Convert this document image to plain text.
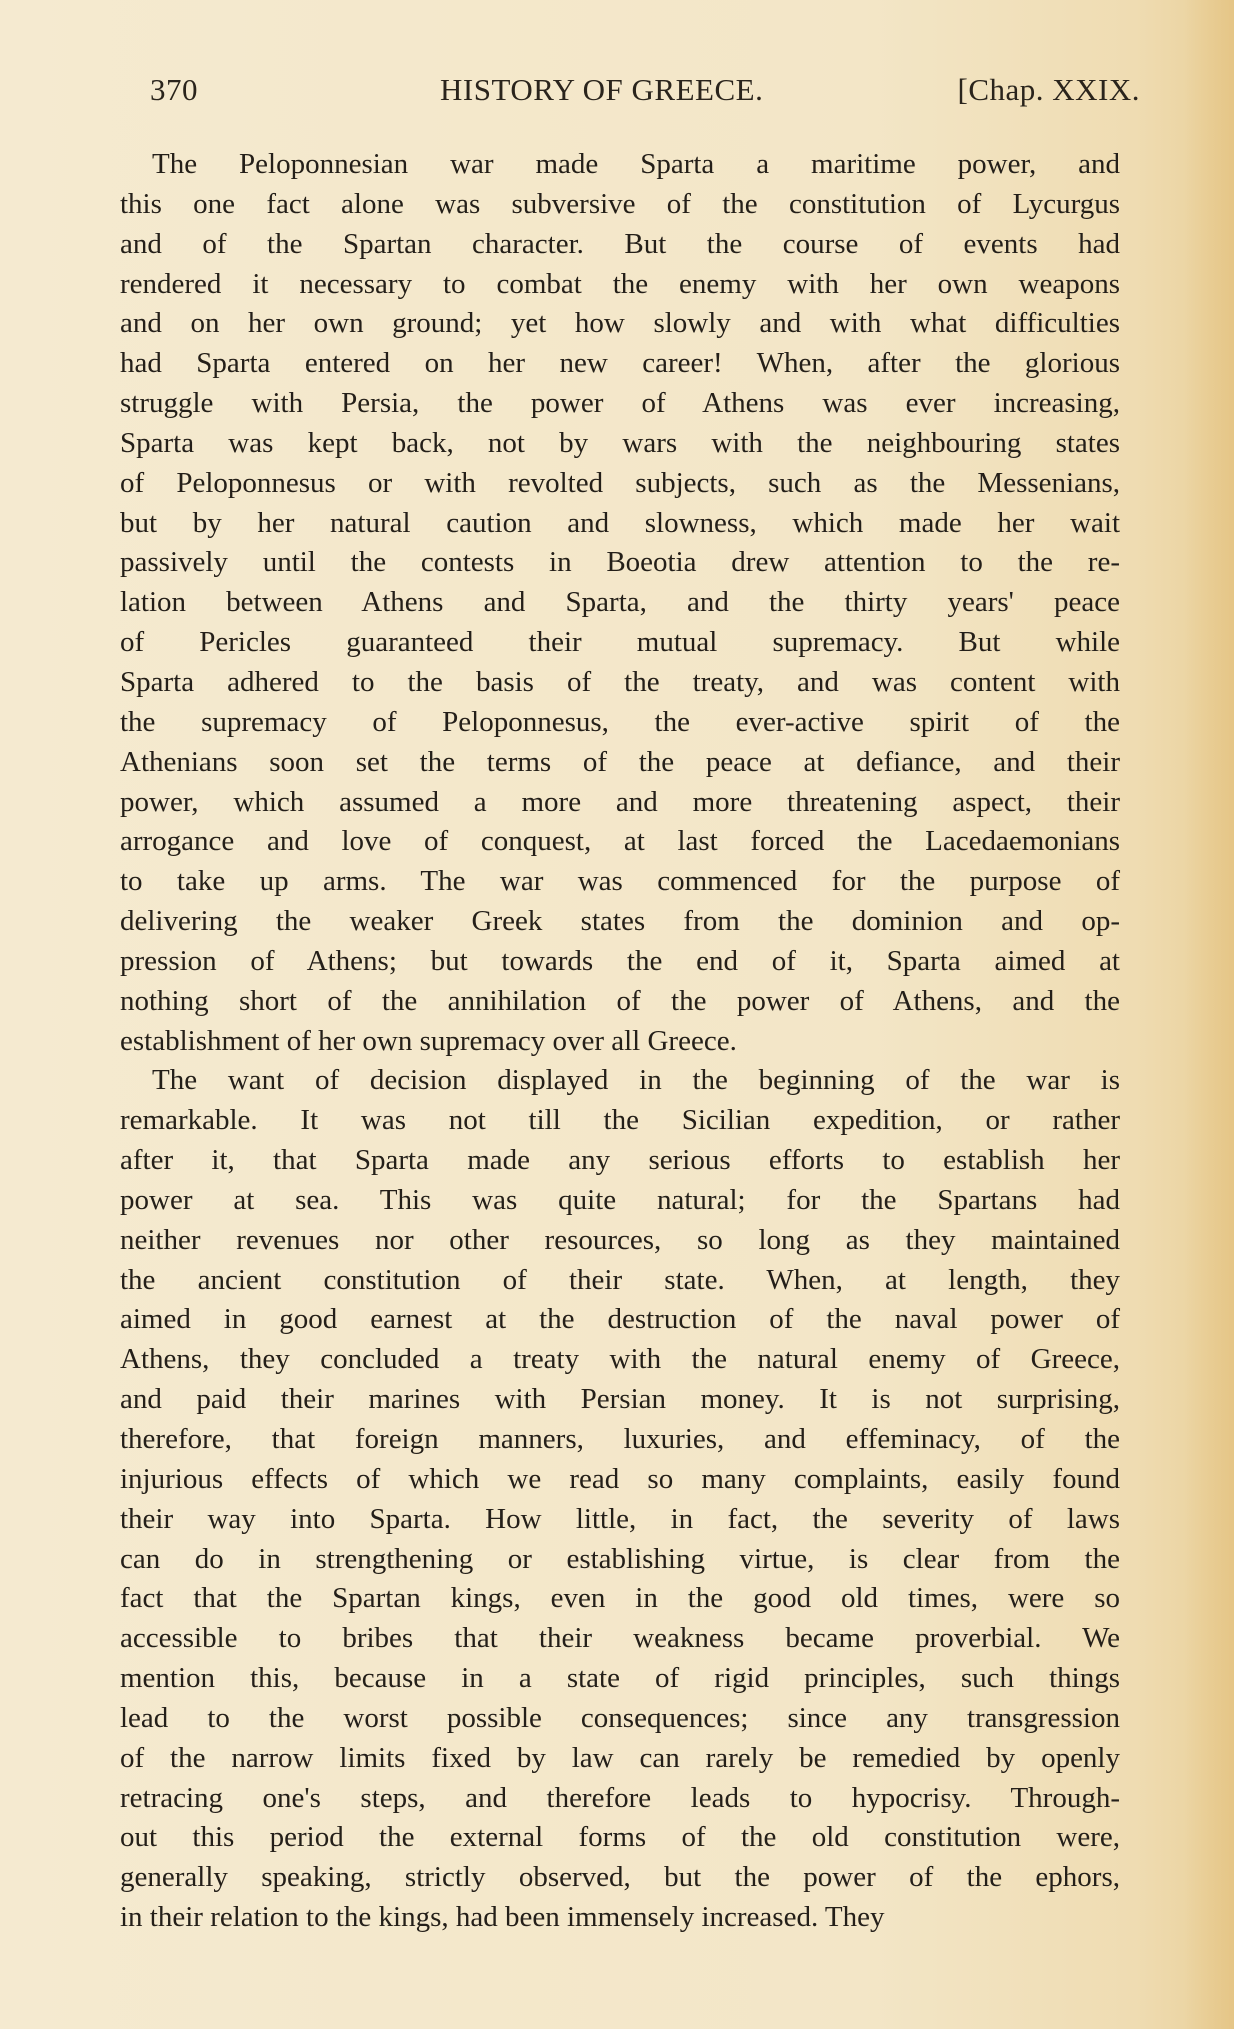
370	HISTORY OF GREECE.	[Chap. XXIX.
The Peloponnesian war made Sparta a maritime power, and
this one fact alone was subversive of the constitution of Lycurgus
and of the Spartan character. But the course of events had
rendered it necessary to combat the enemy with her own weapons
and on her own ground; yet how slowly and with what difficulties
had Sparta entered on her new career! When, after the glorious
struggle with Persia, the power of Athens was ever increasing,
Sparta was kept back, not by wars with the neighbouring states
of Peloponnesus or with revolted subjects, such as the Messenians,
but by her natural caution and slowness, which made her wait
passively until the contests in Boeotia drew attention to the re-
lation between Athens and Sparta, and the thirty years' peace
of Pericles guaranteed their mutual supremacy. But while
Sparta adhered to the basis of the treaty, and was content with
the supremacy of Peloponnesus, the ever-active spirit of the
Athenians soon set the terms of the peace at defiance, and their
power, which assumed a more and more threatening aspect, their
arrogance and love of conquest, at last forced the Lacedaemonians
to take up arms. The war was commenced for the purpose of
delivering the weaker Greek states from the dominion and op-
pression of Athens; but towards the end of it, Sparta aimed at
nothing short of the annihilation of the power of Athens, and the
establishment of her own supremacy over all Greece.
The want of decision displayed in the beginning of the war is
remarkable. It was not till the Sicilian expedition, or rather
after it, that Sparta made any serious efforts to establish her
power at sea. This was quite natural; for the Spartans had
neither revenues nor other resources, so long as they maintained
the ancient constitution of their state. When, at length, they
aimed in good earnest at the destruction of the naval power of
Athens, they concluded a treaty with the natural enemy of Greece,
and paid their marines with Persian money. It is not surprising,
therefore, that foreign manners, luxuries, and effeminacy, of the
injurious effects of which we read so many complaints, easily found
their way into Sparta. How little, in fact, the severity of laws
can do in strengthening or establishing virtue, is clear from the
fact that the Spartan kings, even in the good old times, were so
accessible to bribes that their weakness became proverbial. We
mention this, because in a state of rigid principles, such things
lead to the worst possible consequences; since any transgression
of the narrow limits fixed by law can rarely be remedied by openly
retracing one's steps, and therefore leads to hypocrisy. Through-
out this period the external forms of the old constitution were,
generally speaking, strictly observed, but the power of the ephors,
in their relation to the kings, had been immensely increased. They
